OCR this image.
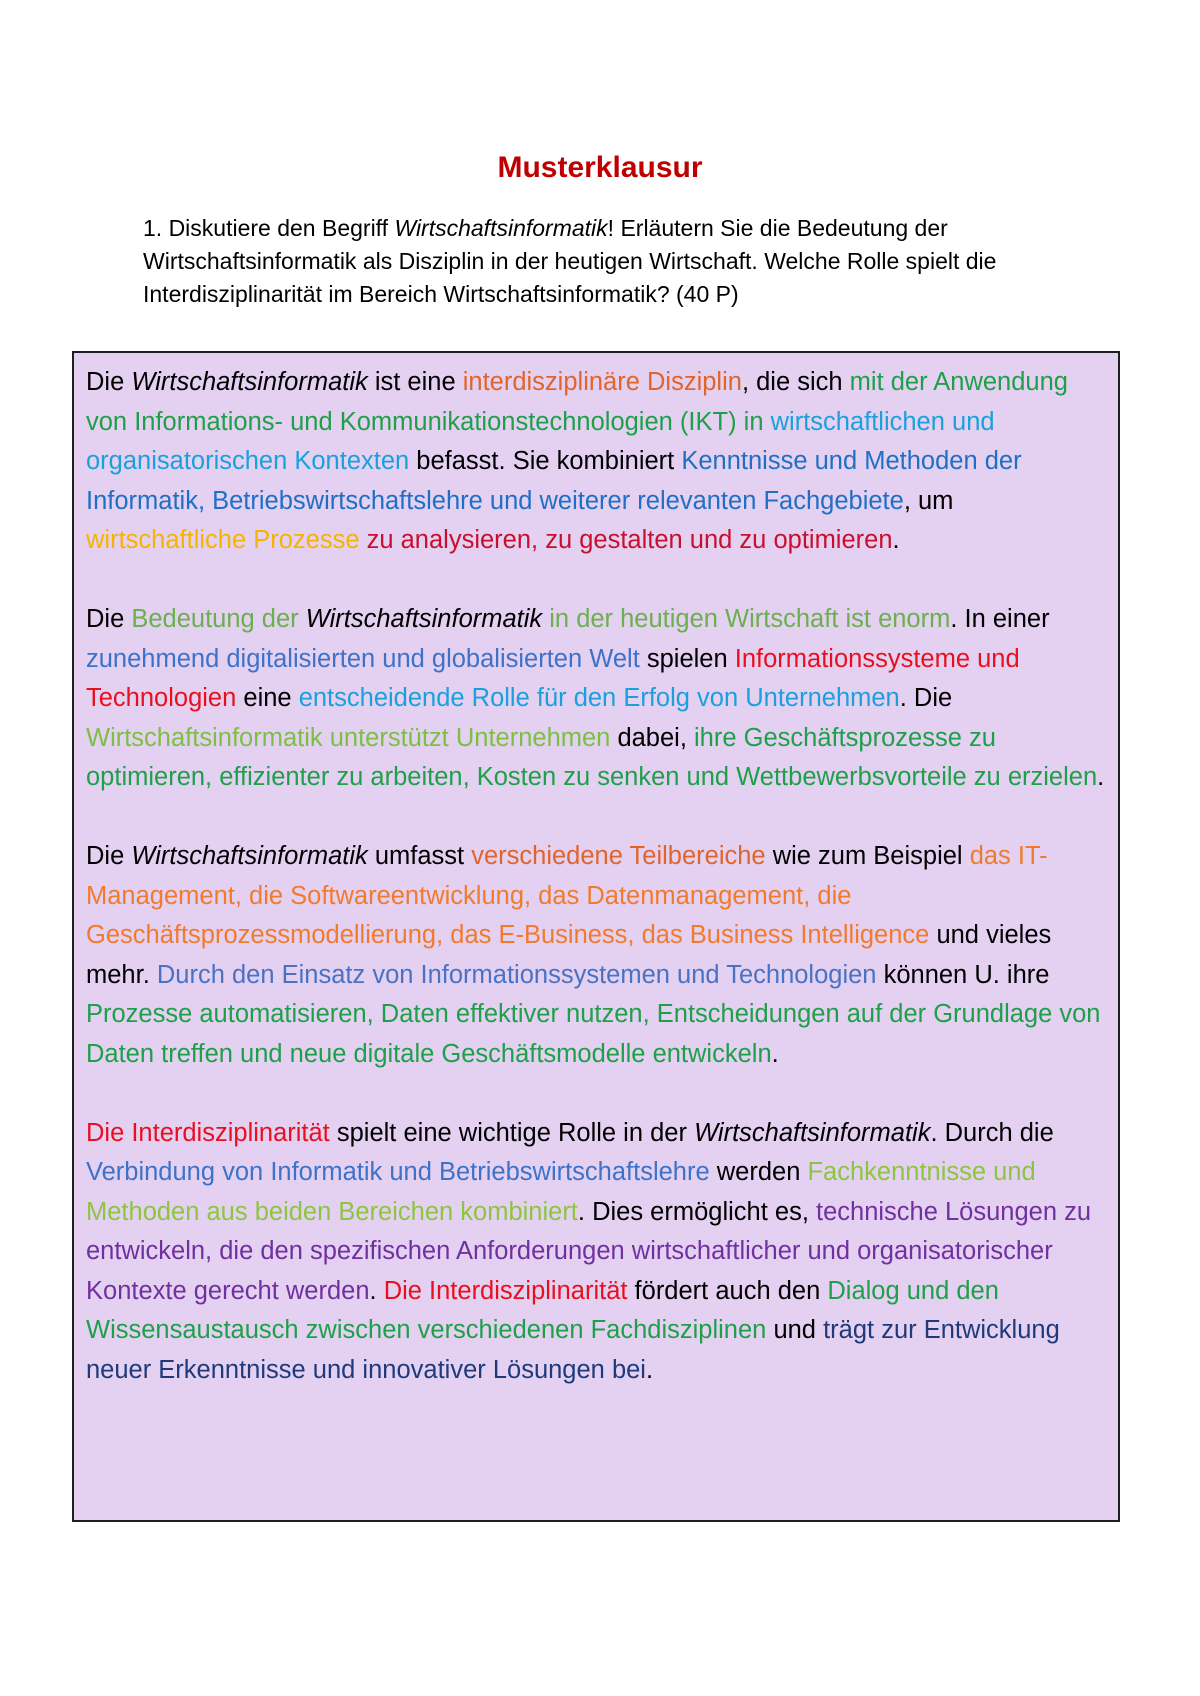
Musterklausur
1. Diskutiere den Begriff Wirtschaftsinformatik! Erläutern Sie die Bedeutung der Wirtschaftsinformatik als Disziplin in der heutigen Wirtschaft. Welche Rolle spielt die Interdisziplinarität im Bereich Wirtschaftsinformatik? (40 P)

Die Wirtschaftsinformatik ist eine interdisziplinäre Disziplin, die sich mit der Anwendung von Informations- und Kommunikationstechnologien (IKT) in wirtschaftlichen und organisatorischen Kontexten befasst. Sie kombiniert Kenntnisse und Methoden der Informatik, Betriebswirtschaftslehre und weiterer relevanten Fachgebiete, um wirtschaftliche Prozesse zu analysieren, zu gestalten und zu optimieren.

Die Bedeutung der Wirtschaftsinformatik in der heutigen Wirtschaft ist enorm. In einer zunehmend digitalisierten und globalisierten Welt spielen Informationssysteme und Technologien eine entscheidende Rolle für den Erfolg von Unternehmen. Die Wirtschaftsinformatik unterstützt Unternehmen dabei, ihre Geschäftsprozesse zu optimieren, effizienter zu arbeiten, Kosten zu senken und Wettbewerbsvorteile zu erzielen.

Die Wirtschaftsinformatik umfasst verschiedene Teilbereiche wie zum Beispiel das IT-Management, die Softwareentwicklung, das Datenmanagement, die Geschäftsprozessmodellierung, das E-Business, das Business Intelligence und vieles mehr. Durch den Einsatz von Informationssystemen und Technologien können U. ihre Prozesse automatisieren, Daten effektiver nutzen, Entscheidungen auf der Grundlage von Daten treffen und neue digitale Geschäftsmodelle entwickeln.

Die Interdisziplinarität spielt eine wichtige Rolle in der Wirtschaftsinformatik. Durch die Verbindung von Informatik und Betriebswirtschaftslehre werden Fachkenntnisse und Methoden aus beiden Bereichen kombiniert. Dies ermöglicht es, technische Lösungen zu entwickeln, die den spezifischen Anforderungen wirtschaftlicher und organisatorischer Kontexte gerecht werden. Die Interdisziplinarität fördert auch den Dialog und den Wissensaustausch zwischen verschiedenen Fachdisziplinen und trägt zur Entwicklung neuer Erkenntnisse und innovativer Lösungen bei.
